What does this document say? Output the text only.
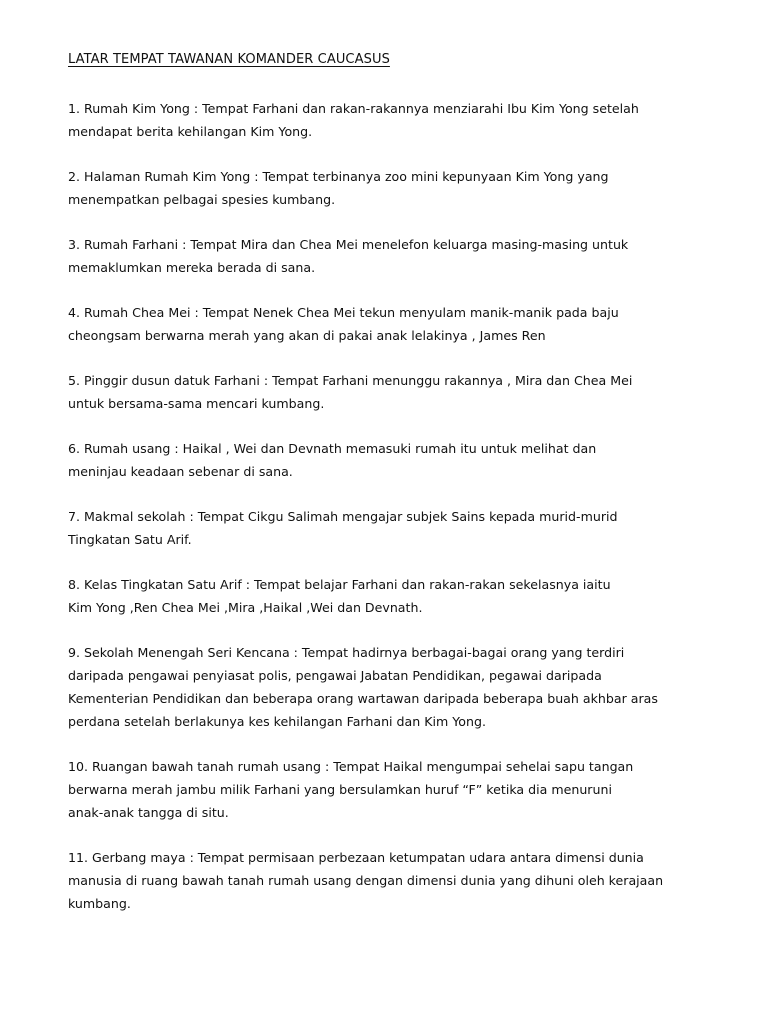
LATAR TEMPAT TAWANAN KOMANDER CAUCASUS
1. Rumah Kim Yong : Tempat Farhani dan rakan-rakannya menziarahi Ibu Kim Yong setelah
mendapat berita kehilangan Kim Yong.
2. Halaman Rumah Kim Yong : Tempat terbinanya zoo mini kepunyaan Kim Yong yang
menempatkan pelbagai spesies kumbang.
3. Rumah Farhani : Tempat Mira dan Chea Mei menelefon keluarga masing-masing untuk
memaklumkan mereka berada di sana.
4. Rumah Chea Mei : Tempat Nenek Chea Mei tekun menyulam manik-manik pada baju
cheongsam berwarna merah yang akan di pakai anak lelakinya , James Ren
5. Pinggir dusun datuk Farhani : Tempat Farhani menunggu rakannya , Mira dan Chea Mei
untuk bersama-sama mencari kumbang.
6. Rumah usang : Haikal , Wei dan Devnath memasuki rumah itu untuk melihat dan
meninjau keadaan sebenar di sana.
7. Makmal sekolah : Tempat Cikgu Salimah mengajar subjek Sains kepada murid-murid
Tingkatan Satu Arif.
8. Kelas Tingkatan Satu Arif : Tempat belajar Farhani dan rakan-rakan sekelasnya iaitu
Kim Yong ,Ren Chea Mei ,Mira ,Haikal ,Wei dan Devnath.
9. Sekolah Menengah Seri Kencana : Tempat hadirnya berbagai-bagai orang yang terdiri
daripada pengawai penyiasat polis, pengawai Jabatan Pendidikan, pegawai daripada
Kementerian Pendidikan dan beberapa orang wartawan daripada beberapa buah akhbar aras
perdana setelah berlakunya kes kehilangan Farhani dan Kim Yong.
10. Ruangan bawah tanah rumah usang : Tempat Haikal mengumpai sehelai sapu tangan
berwarna merah jambu milik Farhani yang bersulamkan huruf “F” ketika dia menuruni
anak-anak tangga di situ.
11. Gerbang maya : Tempat permisaan perbezaan ketumpatan udara antara dimensi dunia
manusia di ruang bawah tanah rumah usang dengan dimensi dunia yang dihuni oleh kerajaan
kumbang.
